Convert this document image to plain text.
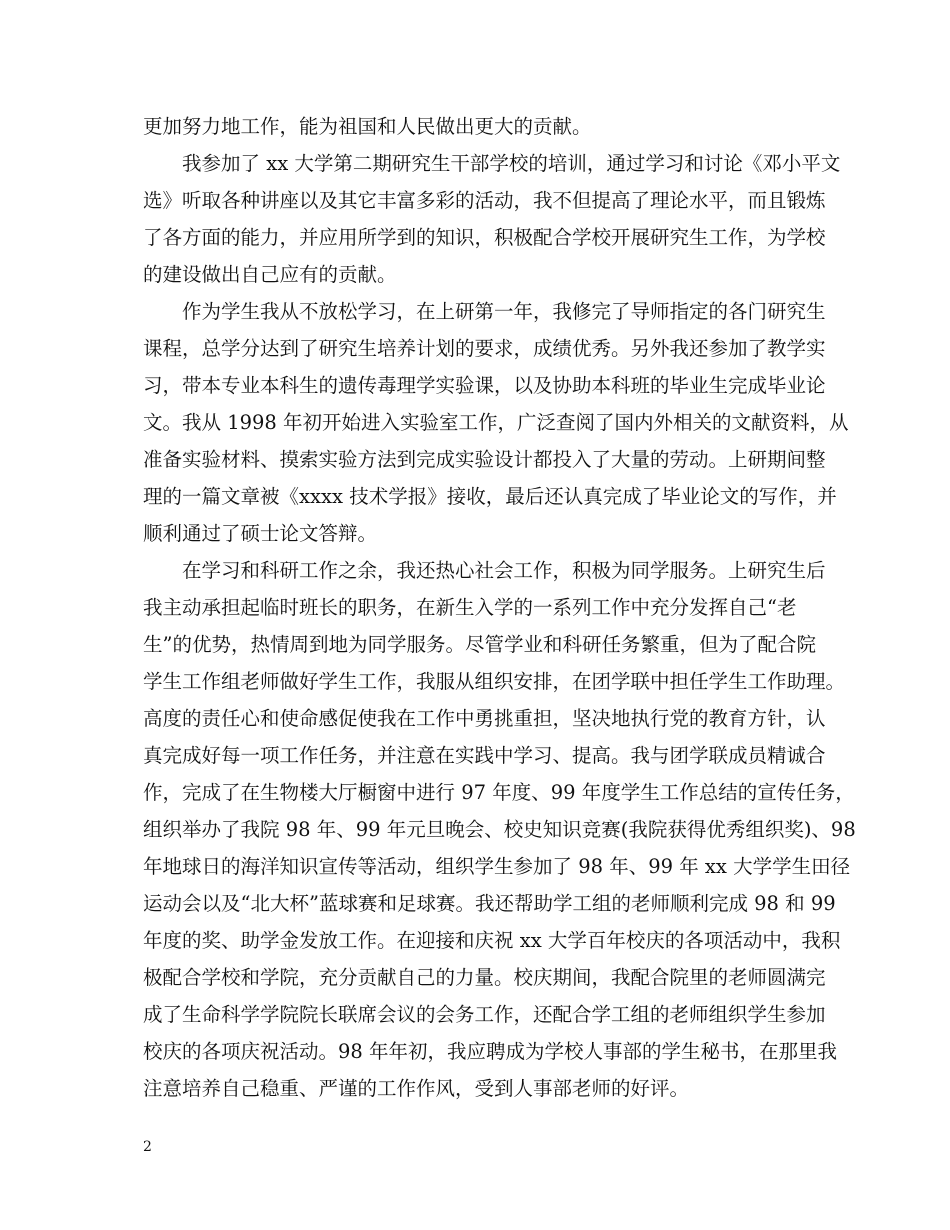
更加努力地工作，能为祖国和人民做出更大的贡献。
　　我参加了 xx 大学第二期研究生干部学校的培训，通过学习和讨论《邓小平文
选》听取各种讲座以及其它丰富多彩的活动，我不但提高了理论水平，而且锻炼
了各方面的能力，并应用所学到的知识，积极配合学校开展研究生工作，为学校
的建设做出自己应有的贡献。
　　作为学生我从不放松学习，在上研第一年，我修完了导师指定的各门研究生
课程，总学分达到了研究生培养计划的要求，成绩优秀。另外我还参加了教学实
习，带本专业本科生的遗传毒理学实验课，以及协助本科班的毕业生完成毕业论
文。我从 1998 年初开始进入实验室工作，广泛查阅了国内外相关的文献资料，从
准备实验材料、摸索实验方法到完成实验设计都投入了大量的劳动。上研期间整
理的一篇文章被《xxxx 技术学报》接收，最后还认真完成了毕业论文的写作，并
顺利通过了硕士论文答辩。
　　在学习和科研工作之余，我还热心社会工作，积极为同学服务。上研究生后
我主动承担起临时班长的职务，在新生入学的一系列工作中充分发挥自己“老
生”的优势，热情周到地为同学服务。尽管学业和科研任务繁重，但为了配合院
学生工作组老师做好学生工作，我服从组织安排，在团学联中担任学生工作助理。
高度的责任心和使命感促使我在工作中勇挑重担，坚决地执行党的教育方针，认
真完成好每一项工作任务，并注意在实践中学习、提高。我与团学联成员精诚合
作，完成了在生物楼大厅橱窗中进行 97 年度、99 年度学生工作总结的宣传任务，
组织举办了我院 98 年、99 年元旦晚会、校史知识竞赛(我院获得优秀组织奖)、98
年地球日的海洋知识宣传等活动，组织学生参加了 98 年、99 年 xx 大学学生田径
运动会以及“北大杯”蓝球赛和足球赛。我还帮助学工组的老师顺利完成 98 和 99
年度的奖、助学金发放工作。在迎接和庆祝 xx 大学百年校庆的各项活动中，我积
极配合学校和学院，充分贡献自己的力量。校庆期间，我配合院里的老师圆满完
成了生命科学学院院长联席会议的会务工作，还配合学工组的老师组织学生参加
校庆的各项庆祝活动。98 年年初，我应聘成为学校人事部的学生秘书，在那里我
注意培养自己稳重、严谨的工作作风，受到人事部老师的好评。
2
